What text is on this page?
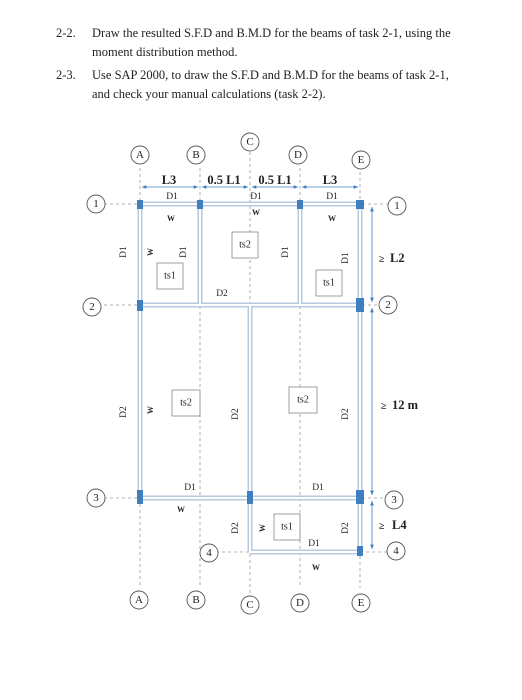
2-2. Draw the resulted S.F.D and B.M.D for the beams of task 2-1, using the
moment distribution method.
2-3. Use SAP 2000, to draw the S.F.D and B.M.D for the beams of task 2-1,
and check your manual calculations (task 2-2).
A	B
C
D	E
A	B	C	D	E
1	1
2	2
3	3
4	4
L3 0.5 L1 0.5 L1 L3
L2
12 m
L4
≥
≥
≥
D1	D1	D1
D2
D1	D1
D1
D1	D1	D1
D1
D2	D2	D2
D2	D2
ts1
ts2
ts1
ts2	ts2
ts1
W
W
W
W
W
W
W
W
